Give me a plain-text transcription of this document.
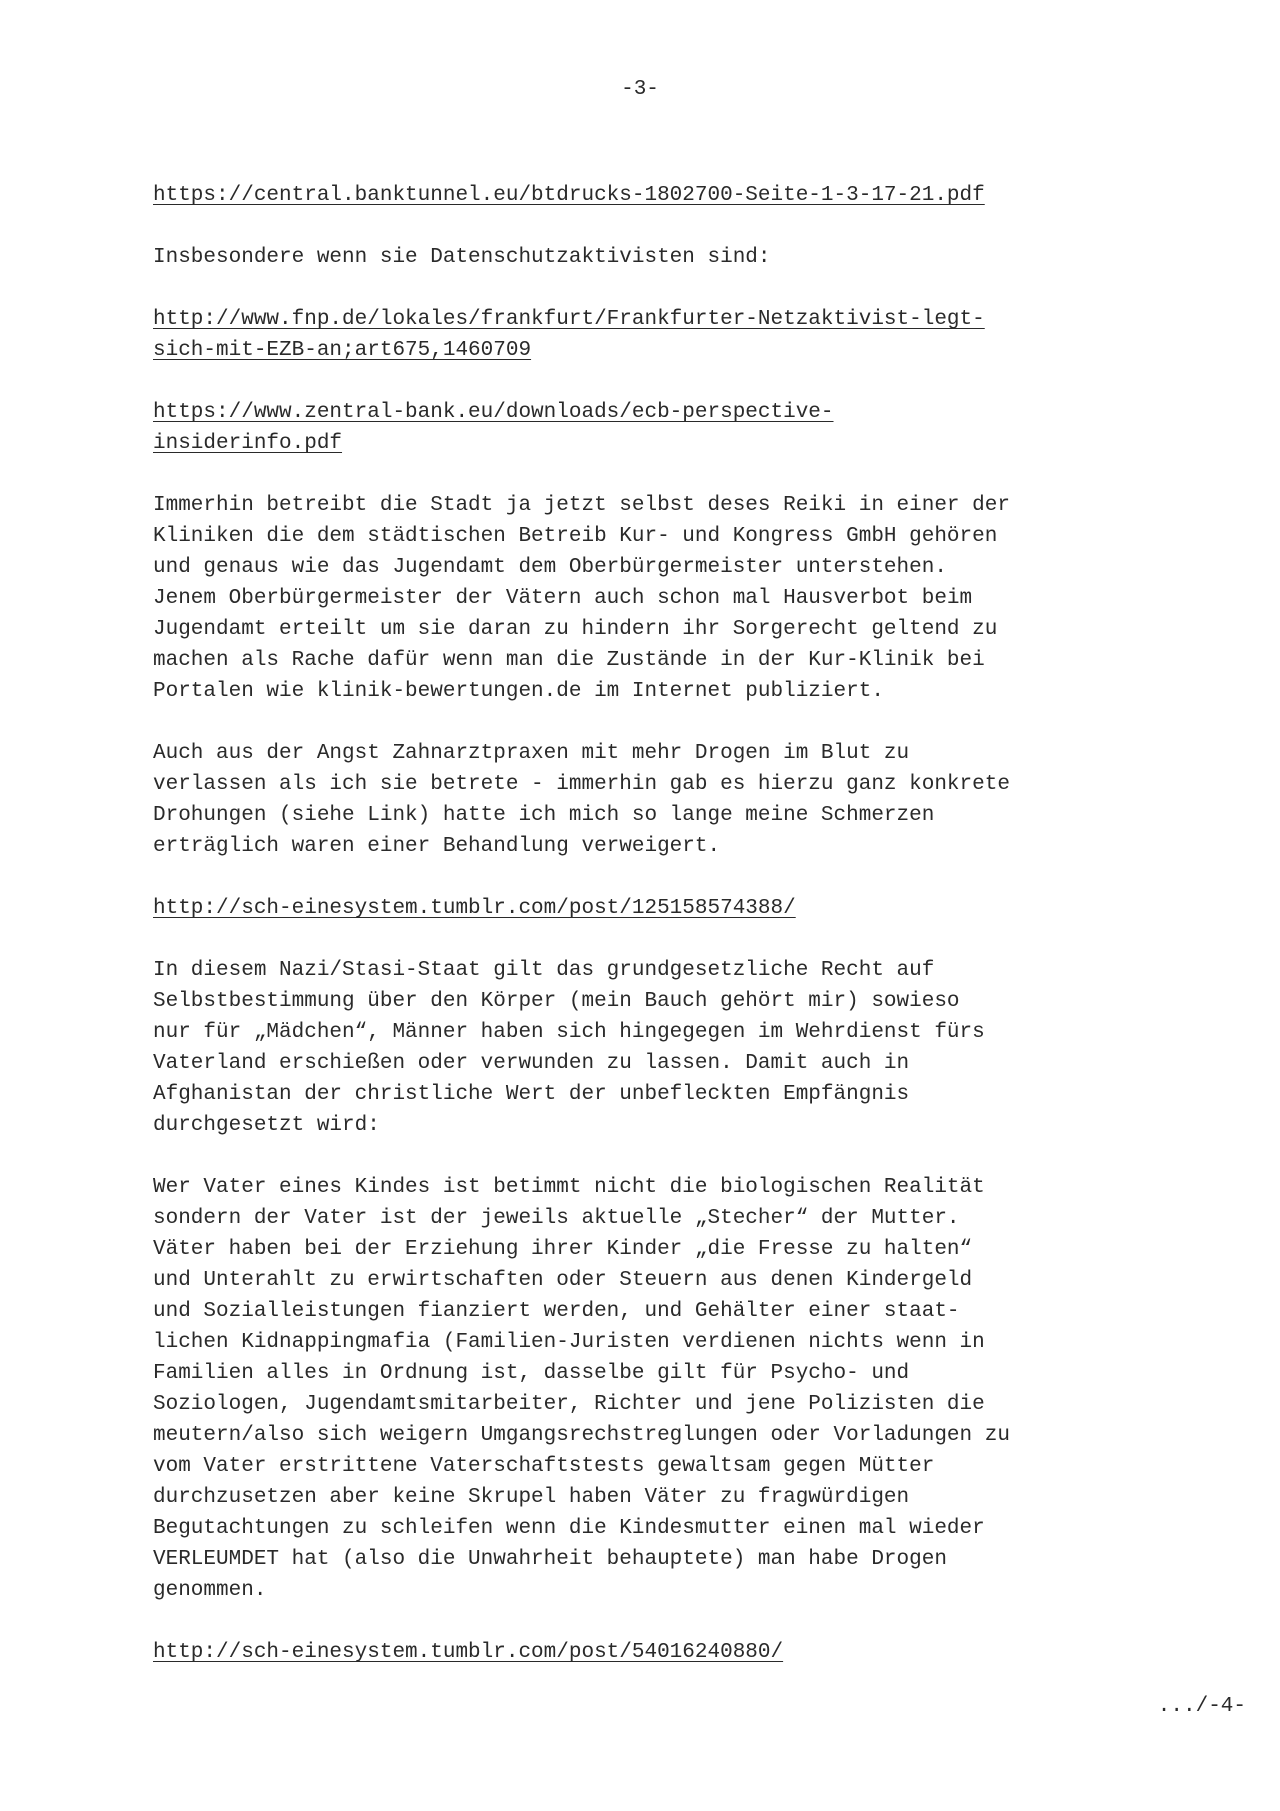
-3-
https://central.banktunnel.eu/btdrucks-1802700-Seite-1-3-17-21.pdf
Insbesondere wenn sie Datenschutzaktivisten sind:
http://www.fnp.de/lokales/frankfurt/Frankfurter-Netzaktivist-legt-
sich-mit-EZB-an;art675,1460709
https://www.zentral-bank.eu/downloads/ecb-perspective-
insiderinfo.pdf
Immerhin betreibt die Stadt ja jetzt selbst deses Reiki in einer der
Kliniken die dem städtischen Betreib Kur- und Kongress GmbH gehören
und genaus wie das Jugendamt dem Oberbürgermeister unterstehen.
Jenem Oberbürgermeister der Vätern auch schon mal Hausverbot beim
Jugendamt erteilt um sie daran zu hindern ihr Sorgerecht geltend zu
machen als Rache dafür wenn man die Zustände in der Kur-Klinik bei
Portalen wie klinik-bewertungen.de im Internet publiziert.
Auch aus der Angst Zahnarztpraxen mit mehr Drogen im Blut zu
verlassen als ich sie betrete - immerhin gab es hierzu ganz konkrete
Drohungen (siehe Link) hatte ich mich so lange meine Schmerzen
erträglich waren einer Behandlung verweigert.
http://sch-einesystem.tumblr.com/post/125158574388/
In diesem Nazi/Stasi-Staat gilt das grundgesetzliche Recht auf
Selbstbestimmung über den Körper (mein Bauch gehört mir) sowieso
nur für „Mädchen“, Männer haben sich hingegegen im Wehrdienst fürs
Vaterland erschießen oder verwunden zu lassen. Damit auch in
Afghanistan der christliche Wert der unbefleckten Empfängnis
durchgesetzt wird:
Wer Vater eines Kindes ist betimmt nicht die biologischen Realität
sondern der Vater ist der jeweils aktuelle „Stecher“ der Mutter.
Väter haben bei der Erziehung ihrer Kinder „die Fresse zu halten“
und Unterahlt zu erwirtschaften oder Steuern aus denen Kindergeld
und Sozialleistungen fianziert werden, und Gehälter einer staat-
lichen Kidnappingmafia (Familien-Juristen verdienen nichts wenn in
Familien alles in Ordnung ist, dasselbe gilt für Psycho- und
Soziologen, Jugendamtsmitarbeiter, Richter und jene Polizisten die
meutern/also sich weigern Umgangsrechstreglungen oder Vorladungen zu
vom Vater erstrittene Vaterschaftstests gewaltsam gegen Mütter
durchzusetzen aber keine Skrupel haben Väter zu fragwürdigen
Begutachtungen zu schleifen wenn die Kindesmutter einen mal wieder
VERLEUMDET hat (also die Unwahrheit behauptete) man habe Drogen
genommen.
http://sch-einesystem.tumblr.com/post/54016240880/
.../-4-
